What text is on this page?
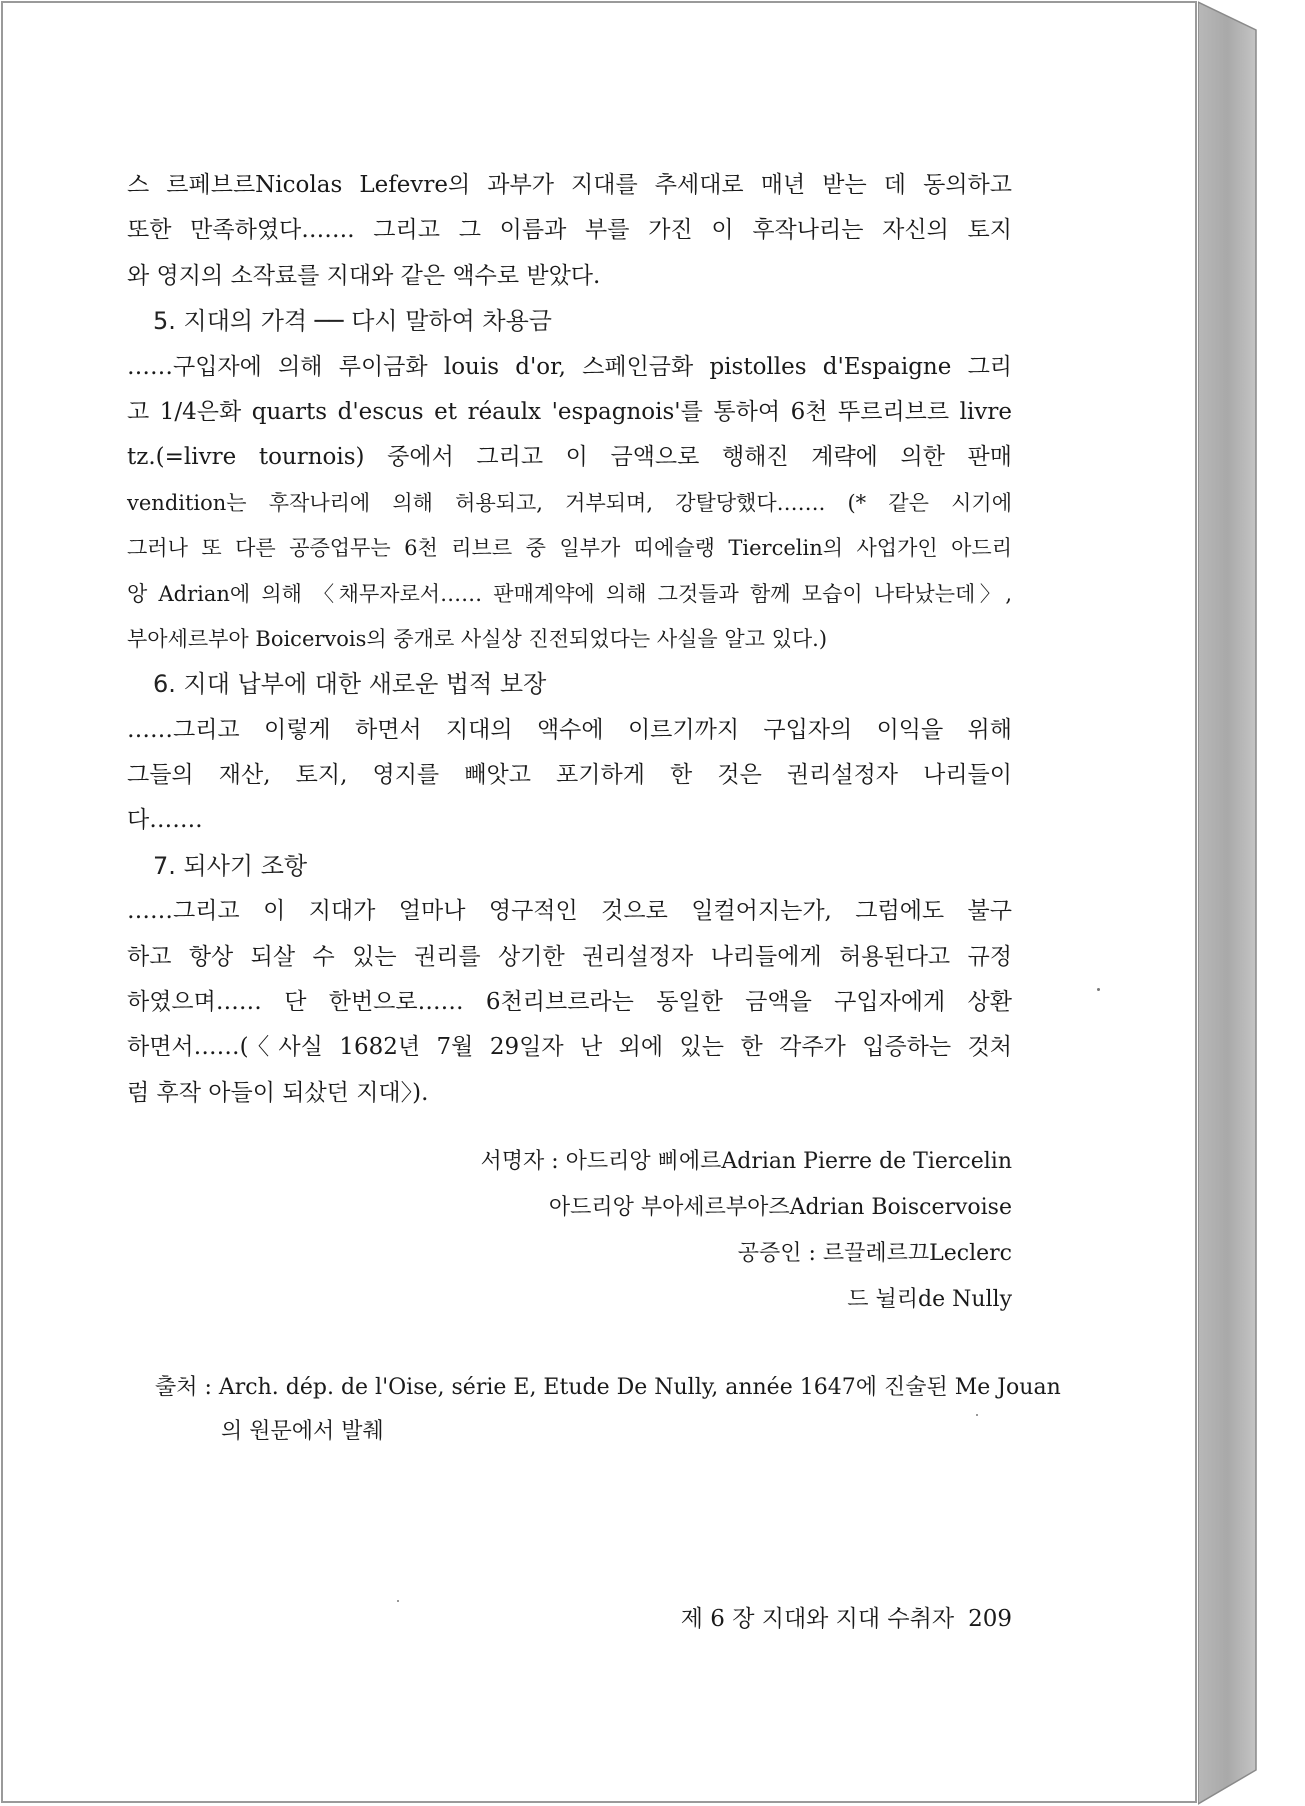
스 르페브르Nicolas Lefevre의 과부가 지대를 추세대로 매년 받는 데 동의하고
또한 만족하였다……. 그리고 그 이름과 부를 가진 이 후작나리는 자신의 토지
와 영지의 소작료를 지대와 같은 액수로 받았다.
5. 지대의 가격 ── 다시 말하여 차용금
……구입자에 의해 루이금화 louis d'or, 스페인금화 pistolles d'Espaigne 그리
고 1/4은화 quarts d'escus et réaulx 'espagnois'를 통하여 6천 뚜르리브르 livre
tz.(=livre tournois) 중에서 그리고 이 금액으로 행해진 계략에 의한 판매
vendition는 후작나리에 의해 허용되고, 거부되며, 강탈당했다……. (* 같은 시기에
그러나 또 다른 공증업무는 6천 리브르 중 일부가 띠에슬랭 Tiercelin의 사업가인 아드리
앙 Adrian에 의해 〈채무자로서…… 판매계약에 의해 그것들과 함께 모습이 나타났는데〉,
부아세르부아 Boicervois의 중개로 사실상 진전되었다는 사실을 알고 있다.)
6. 지대 납부에 대한 새로운 법적 보장
……그리고 이렇게 하면서 지대의 액수에 이르기까지 구입자의 이익을 위해
그들의 재산, 토지, 영지를 빼앗고 포기하게 한 것은 권리설정자 나리들이
다…….
7. 되사기 조항
……그리고 이 지대가 얼마나 영구적인 것으로 일컬어지는가, 그럼에도 불구
하고 항상 되살 수 있는 권리를 상기한 권리설정자 나리들에게 허용된다고 규정
하였으며…… 단 한번으로…… 6천리브르라는 동일한 금액을 구입자에게 상환
하면서……(〈사실 1682년 7월 29일자 난 외에 있는 한 각주가 입증하는 것처
럼 후작 아들이 되샀던 지대〉).
서명자 : 아드리앙 삐에르Adrian Pierre de Tiercelin
아드리앙 부아세르부아즈Adrian Boiscervoise
공증인 : 르끌레르끄Leclerc
드 뉠리de Nully
출처 : Arch. dép. de l'Oise, série E, Etude De Nully, année 1647에 진술된 Me Jouan
의 원문에서 발췌
제 6 장 지대와 지대 수취자 209
